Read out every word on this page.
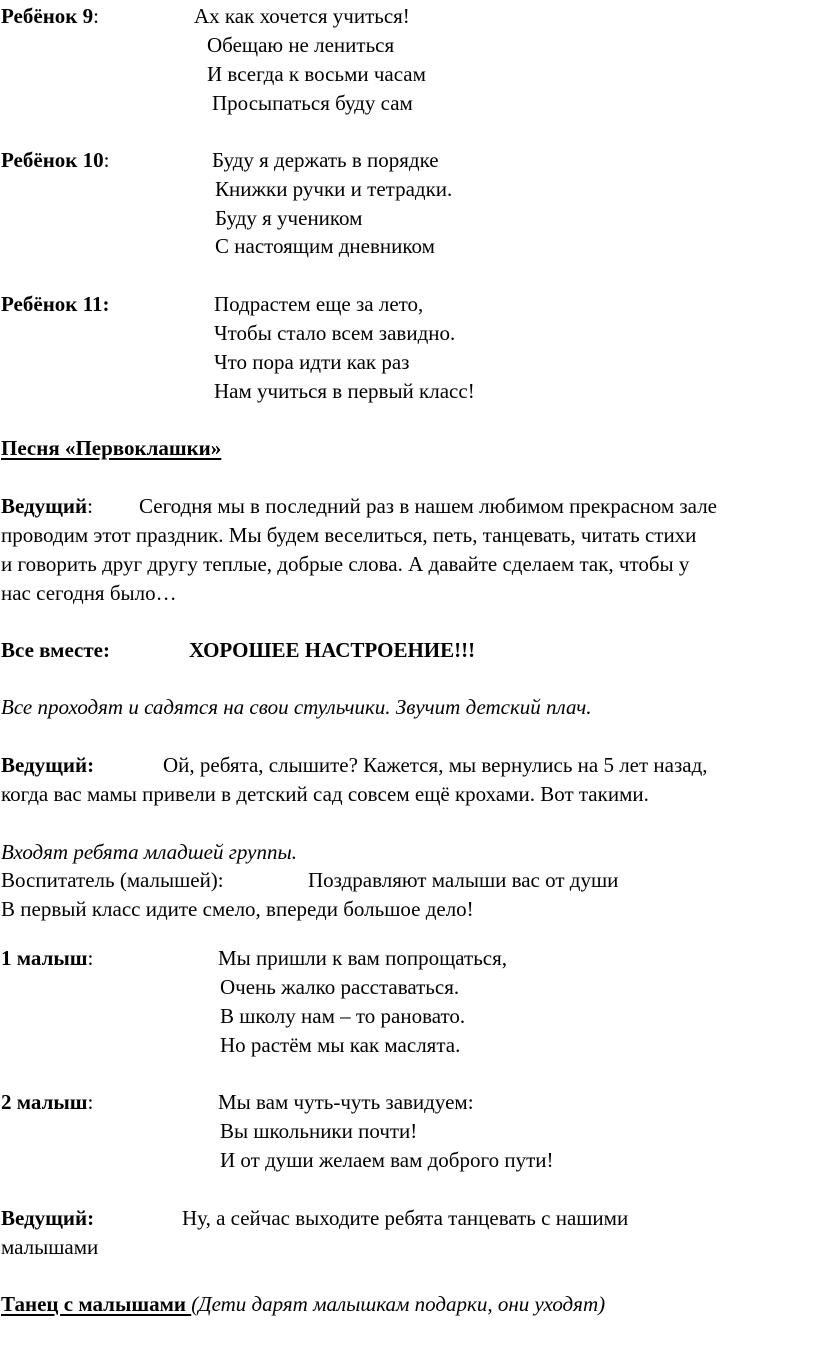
Ребёнок 9:	Ах как хочется учиться!
Обещаю не лениться
И всегда к восьми часам
Просыпаться буду сам
Ребёнок 10:	Буду я держать в порядке
Книжки ручки и тетрадки.
Буду я учеником
С настоящим дневником
Ребёнок 11:	Подрастем еще за лето,
Чтобы стало всем завидно.
Что пора идти как раз
Нам учиться в первый класс!
Песня «Первоклашки»
Ведущий: Сегодня мы в последний раз в нашем любимом прекрасном зале
проводим этот праздник. Мы будем веселиться, петь, танцевать, читать стихи
и говорить друг другу теплые, добрые слова. А давайте сделаем так, чтобы у
нас сегодня было…
Все вместе:	ХОРОШЕЕ НАСТРОЕНИЕ!!!
Все проходят и садятся на свои стульчики. Звучит детский плач.
Ведущий:	Ой, ребята, слышите? Кажется, мы вернулись на 5 лет назад,
когда вас мамы привели в детский сад совсем ещё крохами. Вот такими.
Входят ребята младшей группы.
Воспитатель (малышей):	Поздравляют малыши вас от души
В первый класс идите смело, впереди большое дело!
1 малыш:	Мы пришли к вам попрощаться,
Очень жалко расставаться.
В школу нам – то рановато.
Но растём мы как маслята.
2 малыш:	Мы вам чуть-чуть завидуем:
Вы школьники почти!
И от души желаем вам доброго пути!
Ведущий:	Ну, а сейчас выходите ребята танцевать с нашими
малышами
Танец с малышами (Дети дарят малышкам подарки, они уходят)
